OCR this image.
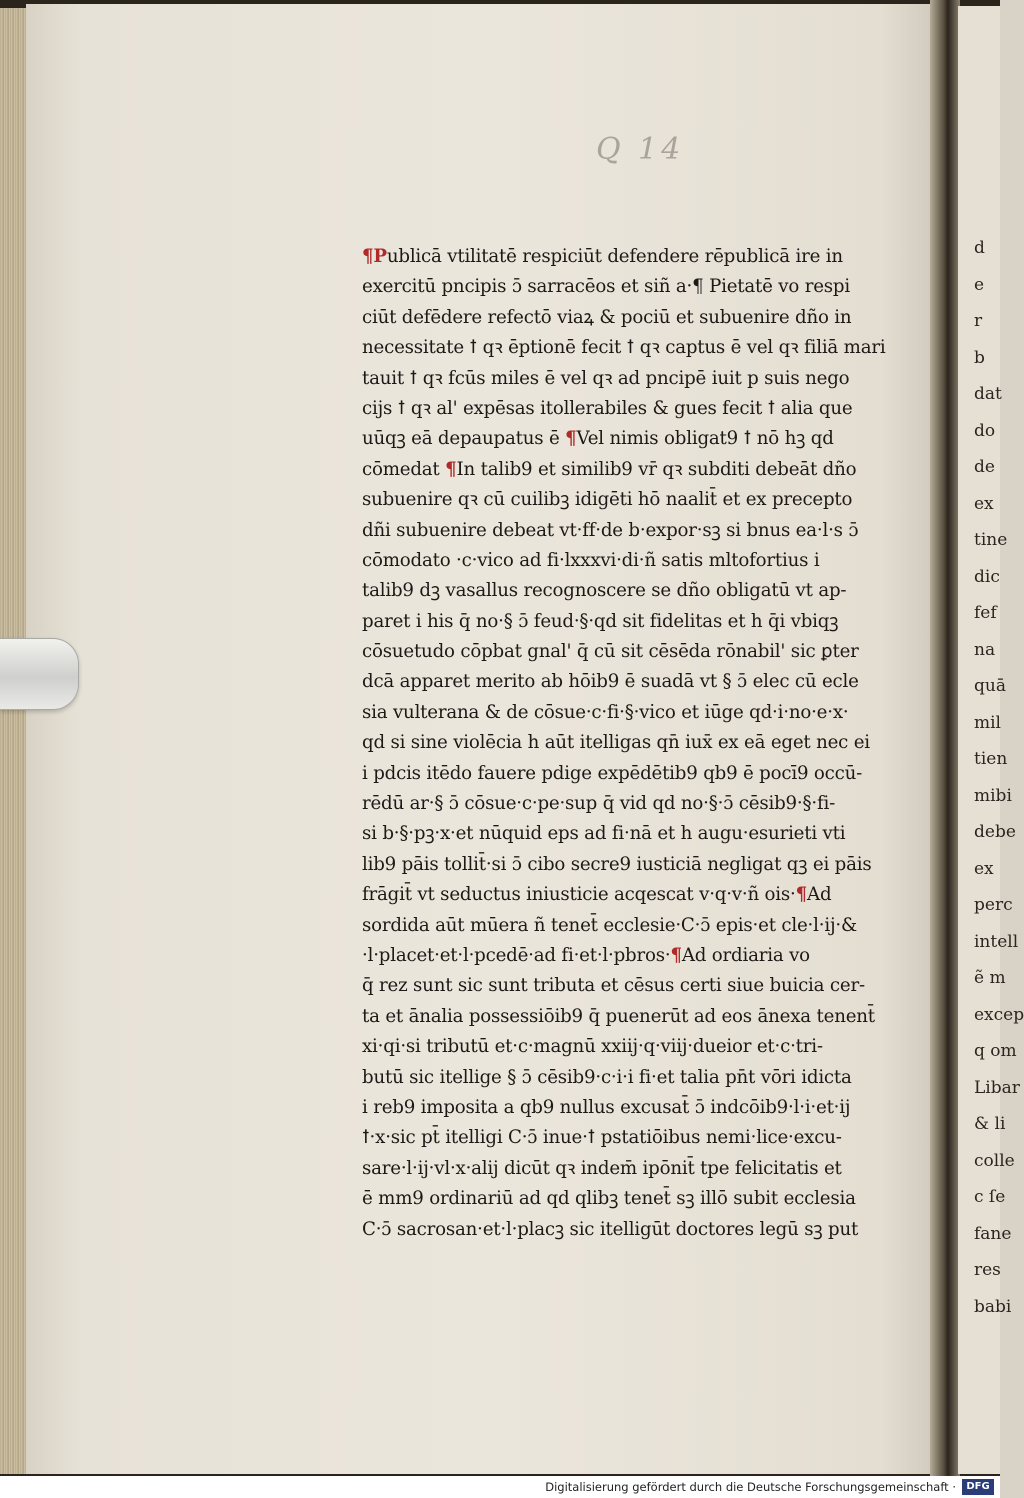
Q 14
¶Publicā vtilitatē respiciūt defendere rēpublicā ire in
exercitū pncipis ɔ̄ sarracēos et siñ a·¶ Pietatē vo respi
ciūt defēdere refectō viaꝝ & pociū et subuenire dño in
necessitate ꝉ qꝛ ēptionē fecit ꝉ qꝛ captus ē vel qꝛ filiā mari
tauit ꝉ qꝛ fcūs miles ē vel qꝛ ad pncipē iuit p suis nego
cijs ꝉ qꝛ al' expēsas itollerabiles & gues fecit ꝉ alia que
uūqꝫ eā depaupatus ē ¶Vel nimis obligat9 ꝉ nō hꝫ qd
cōmedat ¶In talib9 et similib9 vr̄ qꝛ subditi debeāt dño
subuenire qꝛ cū cuilibꝫ idigēti hō naalit̄ et ex precepto
dñi subuenire debeat vt·ff·de b·expor·sꝫ si bnus ea·l·s ɔ̄
cōmodato ·c·vi̇co ad fi·lxxxvi·di·ñ satis mltofortius i
talib9 dꝫ vasallus recognoscere se dño obligatū vt ap-
paret i his q̄ no·§ ɔ̄ feud·§·qd sit fidelitas et h q̄i vbiqꝫ
cōsuetudo cōpbat gnal' q̄ cū sit cēsēda rōnabil' sic ꝑter
dcā apparet merito ab hōib9 ē suadā vt § ɔ̄ elec cū ecle
sia vulterana & de cōsue·c·fi·§·vi̇co et iūge qd·i·no·e·x·
qd si sine violēcia h aūt itelligas qn̄ iux̄ ex eā eget nec ei
i pdcis itēdo fauere pdige expēdētib9 qb9 ē pocī9 occū-
rēdū ar·§ ɔ̄ cōsue·c·pe·sup q̄ vid qd no·§·ɔ̄ cēsib9·§·fi-
si b·§·pꝫ·x·et nūquid eps ad fi·nā et h augu·esurieti vti
lib9 pāis tollit̄·si ɔ̄ cibo secre9 iusticiā negligat qꝫ ei pāis
frāgit̄ vt seductus iniusticie acqescat v·q·v·ñ ois·¶Ad
sordida aūt mūera ñ tenet̄ ecclesie·C·ɔ̄ epis·et cle·l·ij·&
·l·placet·et·l·pcedē·ad fi·et·l·pbros·¶Ad ordiaria vo
q̄ rez sunt sic sunt tributa et cēsus certi siue buicia cer-
ta et ānalia possessiōib9 q̄ puenerūt ad eos ānexa tenent̄
xi·qi·si tributū et·c·magnū xxiij·q·viij·dueior et·c·tri-
butū sic itellige § ɔ̄ cēsib9·c·i·i fi·et talia pn̄t vōri idicta
i reb9 imposita a qb9 nullus excusat̄ ɔ̄ indcōib9·l·i·et·ij
ꝉ·x·sic pt̄ itelligi C·ɔ̄ inue·ꝉ pstatiōibus nemi·lice·excu-
sare·l·ij·vl·x·alij dicūt qꝛ indem̄ ipōnit̄ tpe felicitatis et
ē mm9 ordinariū ad qd qlibꝫ tenet̄ sꝫ illō subit ecclesia
C·ɔ̄ sacrosan·et·l·placꝫ sic itelligūt doctores legū sꝫ put
d
e
r
b
dat
do
de
ex
tine
dic
fef
na
quā
mil
tien
mibi
debe
ex
perc
intell
ẽ m
excep
q om
Libar
& li
colle
c ſe
fane
res
babi
Digitalisierung gefördert durch die Deutsche Forschungsgemeinschaft ·	DFG
